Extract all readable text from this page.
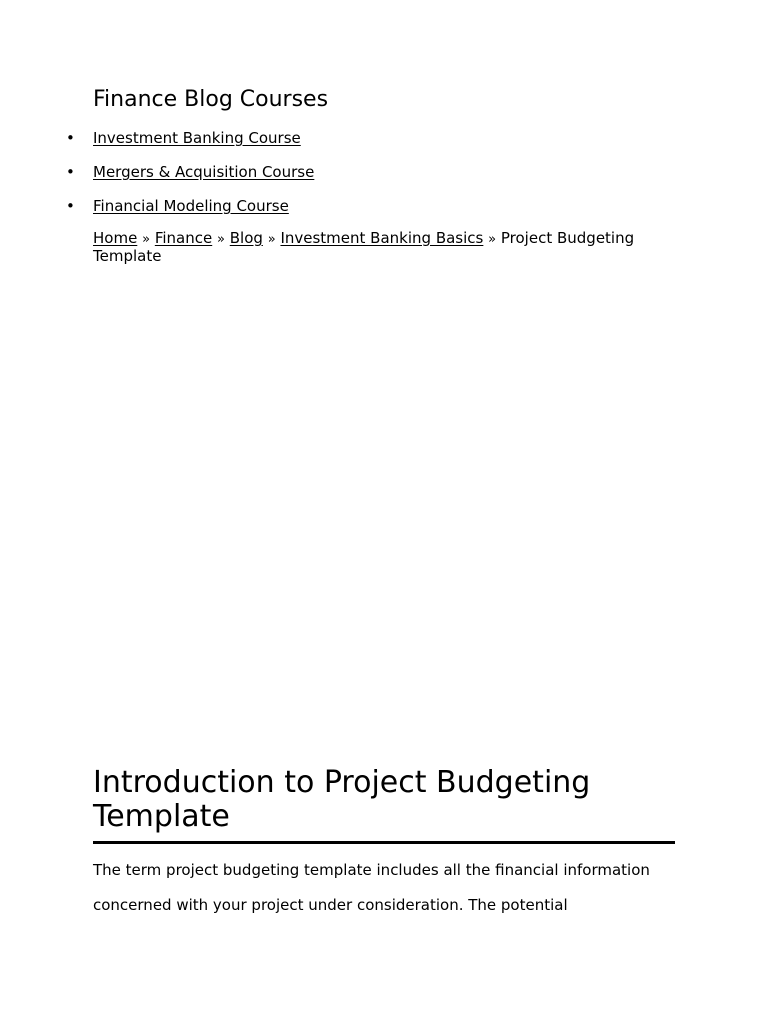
Finance Blog Courses
• Investment Banking Course
• Mergers & Acquisition Course
• Financial Modeling Course
Home » Finance » Blog » Investment Banking Basics » Project Budgeting Template
Introduction to Project Budgeting Template

The term project budgeting template includes all the financial information concerned with your project under consideration. The potential
